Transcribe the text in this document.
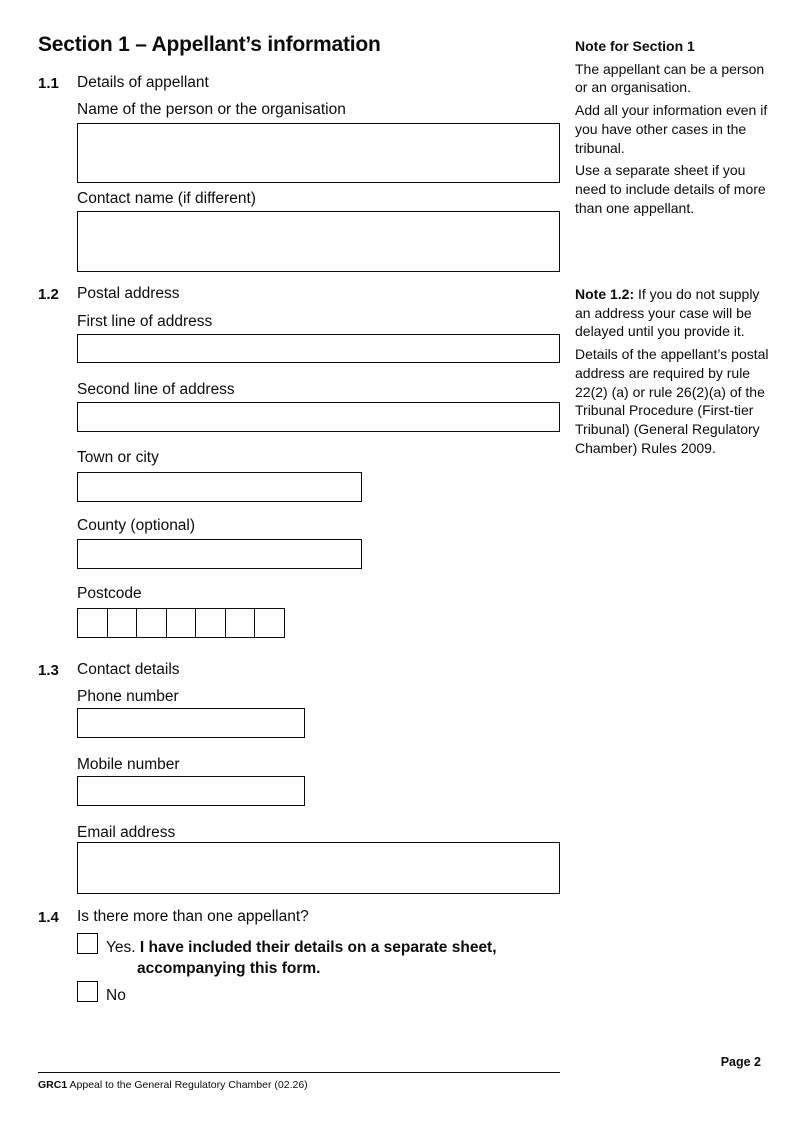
Section 1 – Appellant’s information
1.1 Details of appellant
Name of the person or the organisation
Contact name (if different)
1.2 Postal address
First line of address
Second line of address
Town or city
County (optional)
Postcode
1.3 Contact details
Phone number
Mobile number
Email address
1.4 Is there more than one appellant?
Yes. I have included their details on a separate sheet,
accompanying this form.
No
Note for Section 1

The appellant can be a person or an organisation.

Add all your information even if you have other cases in the tribunal.

Use a separate sheet if you need to include details of more than one appellant.

Note 1.2: If you do not supply an address your case will be delayed until you provide it.

Details of the appellant’s postal address are required by rule 22(2) (a) or rule 26(2)(a) of the Tribunal Procedure (First-tier Tribunal) (General Regulatory Chamber) Rules 2009.

Page 2
GRC1 Appeal to the General Regulatory Chamber (02.26)
